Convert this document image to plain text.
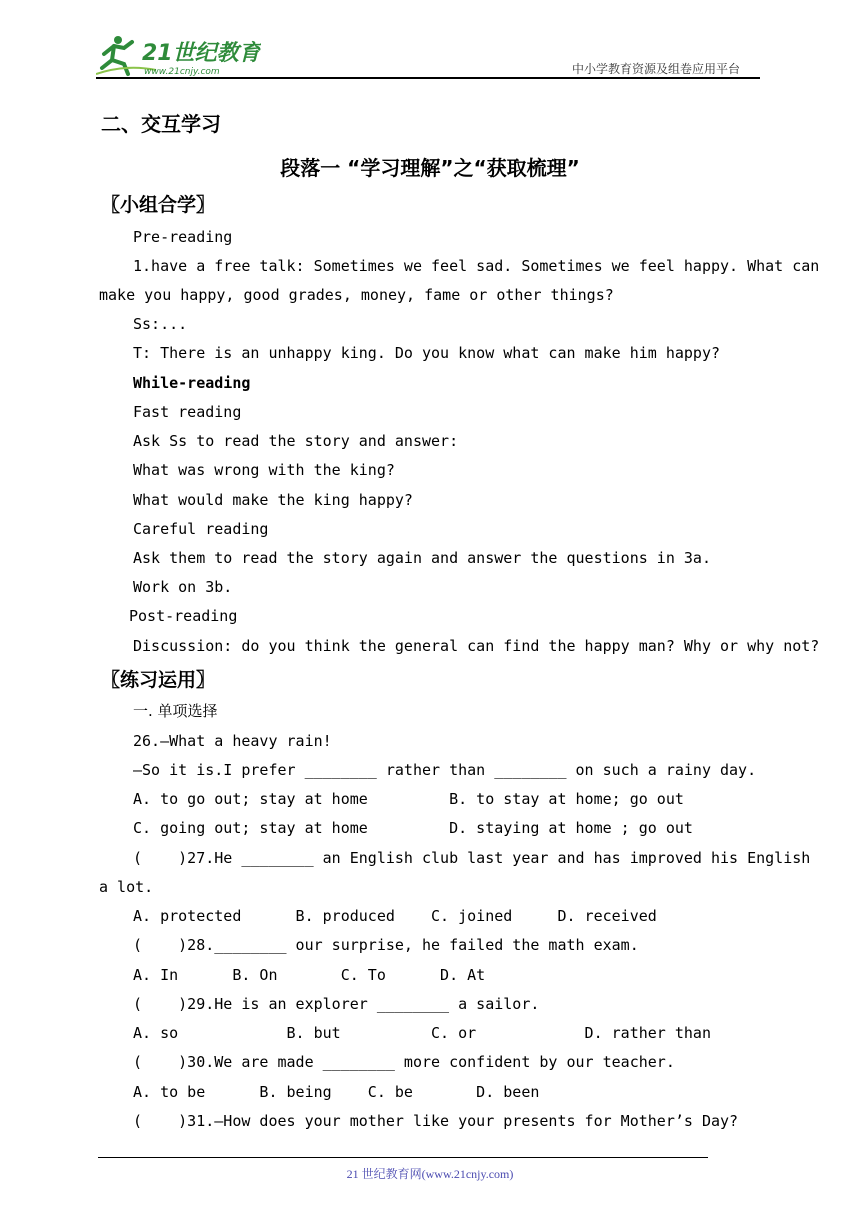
21世纪教育
www.21cnjy.com	中小学教育资源及组卷应用平台
二、交互学习
段落一 “学习理解”之“获取梳理”
〖小组合学〗
Pre-reading
1.have a free talk: Sometimes we feel sad. Sometimes we feel happy. What can
make you happy, good grades, money, fame or other things?
Ss:...
T: There is an unhappy king. Do you know what can make him happy?
While-reading
Fast reading
Ask Ss to read the story and answer:
What was wrong with the king?
What would make the king happy?
Careful reading
Ask them to read the story again and answer the questions in 3a.
Work on 3b.
Post-reading
Discussion: do you think the general can find the happy man? Why or why not?
〖练习运用〗
一. 单项选择
26.—What a heavy rain!
—So it is.I prefer ________ rather than ________ on such a rainy day.
A. to go out; stay at home         B. to stay at home; go out
C. going out; stay at home         D. staying at home ; go out
(    )27.He ________ an English club last year and has improved his English
a lot.
A. protected      B. produced    C. joined     D. received
(    )28.________ our surprise, he failed the math exam.
A. In      B. On       C. To      D. At
(    )29.He is an explorer ________ a sailor.
A. so            B. but          C. or            D. rather than
(    )30.We are made ________ more confident by our teacher.
A. to be      B. being    C. be       D. been
(    )31.—How does your mother like your presents for Mother’s Day?
21 世纪教育网(www.21cnjy.com)
